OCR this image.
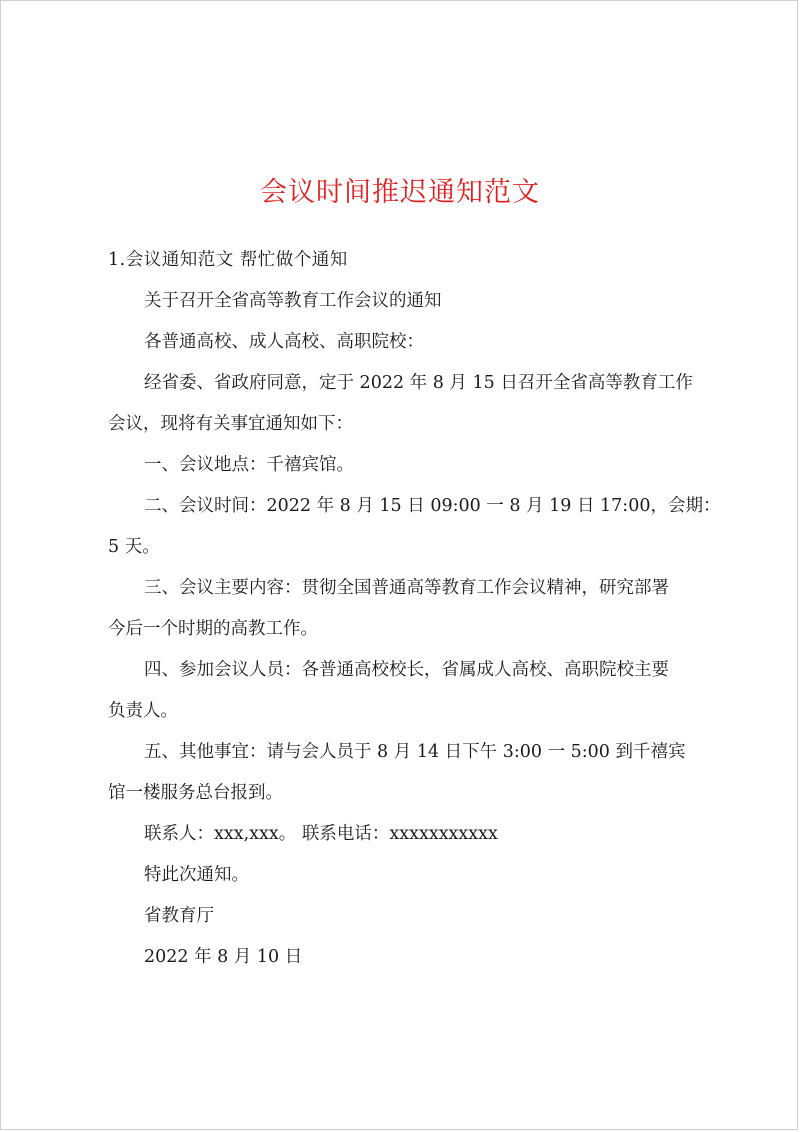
会议时间推迟通知范文
1.会议通知范文 帮忙做个通知
关于召开全省高等教育工作会议的通知
各普通高校、成人高校、高职院校：
经省委、省政府同意，定于 2022 年 8 月 15 日召开全省高等教育工作
会议，现将有关事宜通知如下：
一、会议地点：千禧宾馆。
二、会议时间：2022 年 8 月 15 日 09:00 一 8 月 19 日 17:00，会期：
5 天。
三、会议主要内容：贯彻全国普通高等教育工作会议精神，研究部署
今后一个时期的高教工作。
四、参加会议人员：各普通高校校长，省属成人高校、高职院校主要
负责人。
五、其他事宜：请与会人员于 8 月 14 日下午 3:00 一 5:00 到千禧宾
馆一楼服务总台报到。
联系人：xxx,xxx。 联系电话：xxxxxxxxxxx
特此次通知。
省教育厅
2022 年 8 月 10 日
